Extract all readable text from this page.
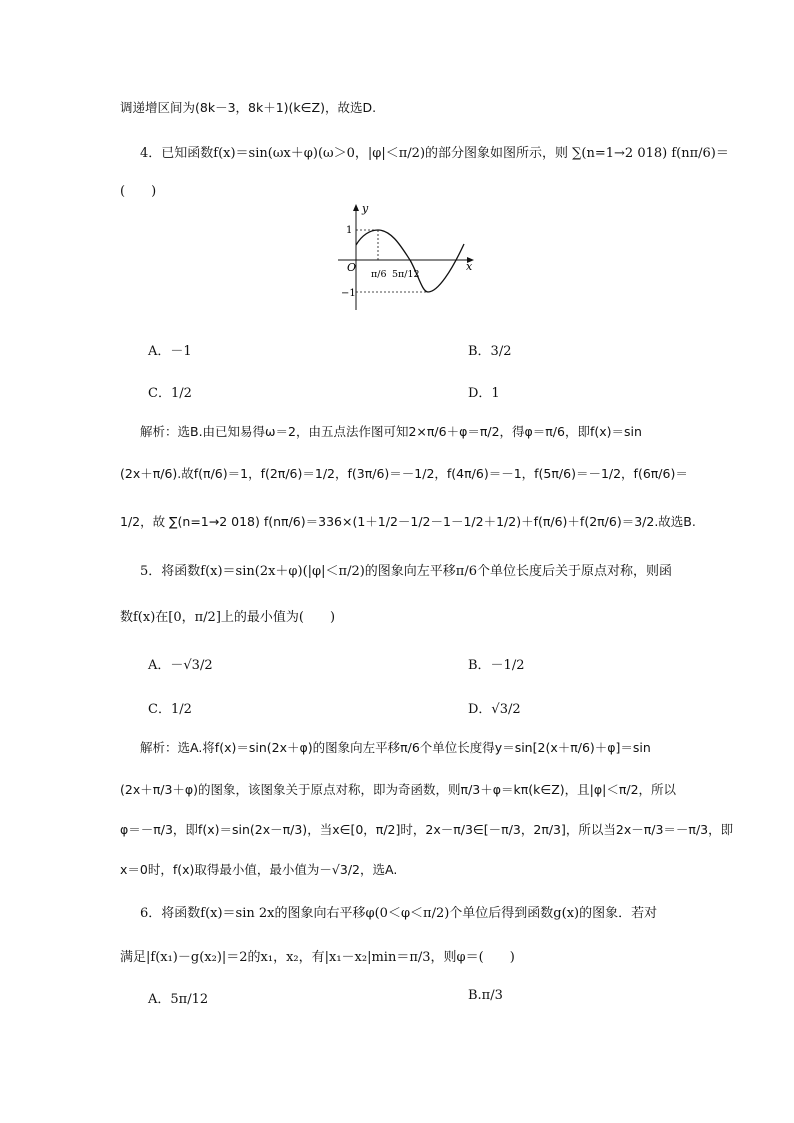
调递增区间为(8k－3，8k＋1)(k∈Z)，故选D.
4．已知函数f(x)＝sin(ωx＋φ)(ω＞0，|φ|＜π/2)的部分图象如图所示，则 ∑(n=1→2 018) f(nπ/6)＝
(　　)
y
x
O
1
−1
π/6 5π/12
A．－1	B．3/2
C．1/2	D．1
解析：选B.由已知易得ω＝2，由五点法作图可知2×π/6＋φ＝π/2，得φ＝π/6，即f(x)＝sin
(2x＋π/6).故f(π/6)＝1，f(2π/6)＝1/2，f(3π/6)＝－1/2，f(4π/6)＝－1，f(5π/6)＝－1/2，f(6π/6)＝
1/2，故 ∑(n=1→2 018) f(nπ/6)＝336×(1＋1/2－1/2－1－1/2＋1/2)＋f(π/6)＋f(2π/6)＝3/2.故选B.
5．将函数f(x)＝sin(2x＋φ)(|φ|＜π/2)的图象向左平移π/6个单位长度后关于原点对称，则函
数f(x)在[0，π/2]上的最小值为(　　)
A．－√3/2	B．－1/2
C．1/2	D．√3/2
解析：选A.将f(x)＝sin(2x＋φ)的图象向左平移π/6个单位长度得y＝sin[2(x＋π/6)＋φ]＝sin
(2x＋π/3＋φ)的图象，该图象关于原点对称，即为奇函数，则π/3＋φ＝kπ(k∈Z)，且|φ|＜π/2，所以
φ＝－π/3，即f(x)＝sin(2x－π/3)，当x∈[0，π/2]时，2x－π/3∈[－π/3，2π/3]，所以当2x－π/3＝－π/3，即
x＝0时，f(x)取得最小值，最小值为－√3/2，选A.
6．将函数f(x)＝sin 2x的图象向右平移φ(0＜φ＜π/2)个单位后得到函数g(x)的图象．若对
满足|f(x₁)－g(x₂)|＝2的x₁，x₂，有|x₁－x₂|min＝π/3，则φ＝(　　)
A．5π/12	B.π/3
